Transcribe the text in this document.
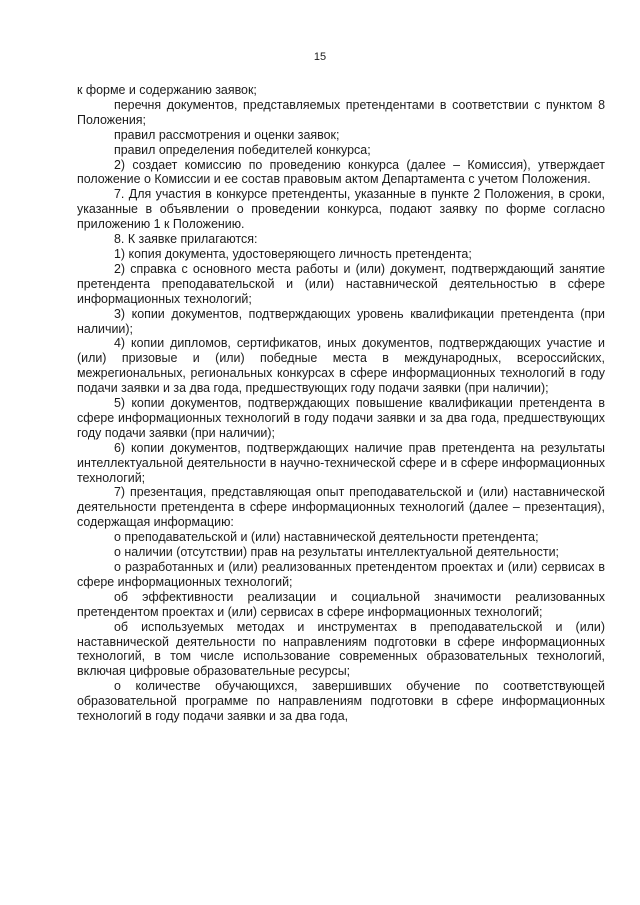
15

к форме и содержанию заявок;

перечня документов, представляемых претендентами в соответствии с пунктом 8 Положения;

правил рассмотрения и оценки заявок;

правил определения победителей конкурса;

2) создает комиссию по проведению конкурса (далее – Комиссия), утверждает положение о Комиссии и ее состав правовым актом Департамента с учетом Положения.

7. Для участия в конкурсе претенденты, указанные в пункте 2 Положения, в сроки, указанные в объявлении о проведении конкурса, подают заявку по форме согласно приложению 1 к Положению.

8. К заявке прилагаются:

1) копия документа, удостоверяющего личность претендента;

2) справка с основного места работы и (или) документ, подтверждающий занятие претендента преподавательской и (или) наставнической деятельностью в сфере информационных технологий;

3) копии документов, подтверждающих уровень квалификации претендента (при наличии);

4) копии дипломов, сертификатов, иных документов, подтверждающих участие и (или) призовые и (или) победные места в международных, всероссийских, межрегиональных, региональных конкурсах в сфере информационных технологий в году подачи заявки и за два года, предшествующих году подачи заявки (при наличии);

5) копии документов, подтверждающих повышение квалификации претендента в сфере информационных технологий в году подачи заявки и за два года, предшествующих году подачи заявки (при наличии);

6) копии документов, подтверждающих наличие прав претендента на результаты интеллектуальной деятельности в научно-технической сфере и в сфере информационных технологий;

7) презентация, представляющая опыт преподавательской и (или) наставнической деятельности претендента в сфере информационных технологий (далее – презентация), содержащая информацию:

о преподавательской и (или) наставнической деятельности претендента;

о наличии (отсутствии) прав на результаты интеллектуальной деятельности;

о разработанных и (или) реализованных претендентом проектах и (или) сервисах в сфере информационных технологий;

об эффективности реализации и социальной значимости реализованных претендентом проектах и (или) сервисах в сфере информационных технологий;

об используемых методах и инструментах в преподавательской и (или) наставнической деятельности по направлениям подготовки в сфере информационных технологий, в том числе использование современных образовательных технологий, включая цифровые образовательные ресурсы;

о количестве обучающихся, завершивших обучение по соответствующей образовательной программе по направлениям подготовки в сфере информационных технологий в году подачи заявки и за два года,
